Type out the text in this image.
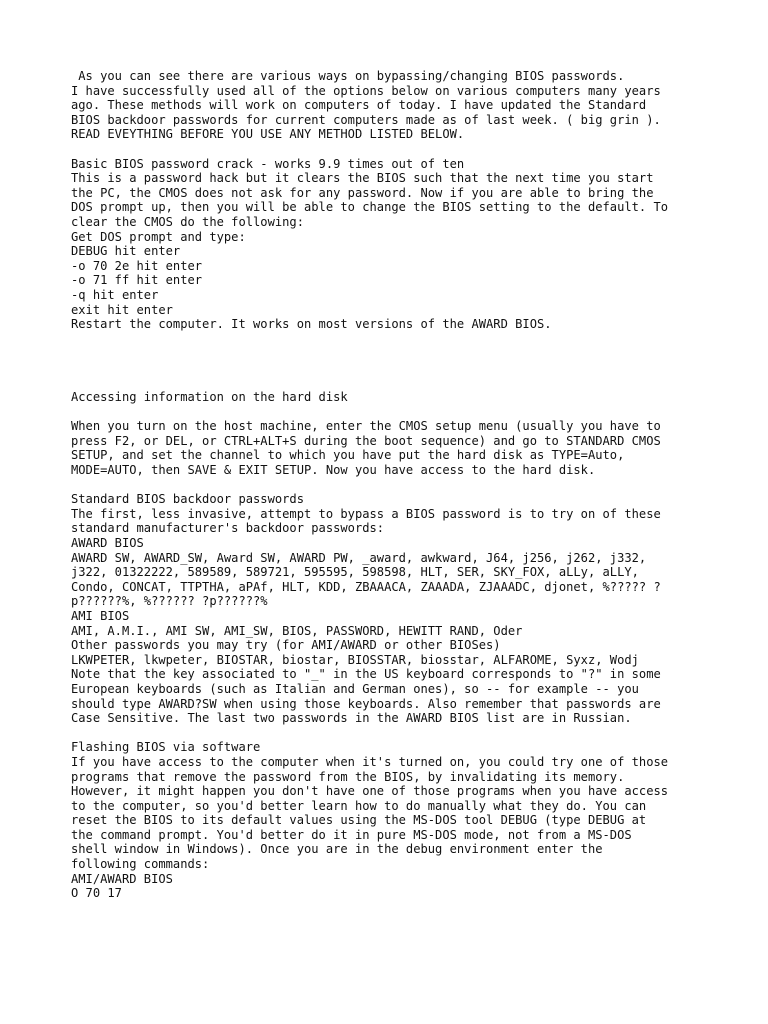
As you can see there are various ways on bypassing/changing BIOS passwords.
I have successfully used all of the options below on various computers many years
ago. These methods will work on computers of today. I have updated the Standard
BIOS backdoor passwords for current computers made as of last week. ( big grin ).
READ EVEYTHING BEFORE YOU USE ANY METHOD LISTED BELOW.
Basic BIOS password crack - works 9.9 times out of ten
This is a password hack but it clears the BIOS such that the next time you start
the PC, the CMOS does not ask for any password. Now if you are able to bring the
DOS prompt up, then you will be able to change the BIOS setting to the default. To
clear the CMOS do the following:
Get DOS prompt and type:
DEBUG hit enter
-o 70 2e hit enter
-o 71 ff hit enter
-q hit enter
exit hit enter
Restart the computer. It works on most versions of the AWARD BIOS.
Accessing information on the hard disk
When you turn on the host machine, enter the CMOS setup menu (usually you have to
press F2, or DEL, or CTRL+ALT+S during the boot sequence) and go to STANDARD CMOS
SETUP, and set the channel to which you have put the hard disk as TYPE=Auto,
MODE=AUTO, then SAVE & EXIT SETUP. Now you have access to the hard disk.
Standard BIOS backdoor passwords
The first, less invasive, attempt to bypass a BIOS password is to try on of these
standard manufacturer's backdoor passwords:
AWARD BIOS
AWARD SW, AWARD_SW, Award SW, AWARD PW, _award, awkward, J64, j256, j262, j332,
j322, 01322222, 589589, 589721, 595595, 598598, HLT, SER, SKY_FOX, aLLy, aLLY,
Condo, CONCAT, TTPTHA, aPAf, HLT, KDD, ZBAAACA, ZAAADA, ZJAAADC, djonet, %????? ?
p??????%, %?????? ?p??????%
AMI BIOS
AMI, A.M.I., AMI SW, AMI_SW, BIOS, PASSWORD, HEWITT RAND, Oder
Other passwords you may try (for AMI/AWARD or other BIOSes)
LKWPETER, lkwpeter, BIOSTAR, biostar, BIOSSTAR, biosstar, ALFAROME, Syxz, Wodj
Note that the key associated to "_" in the US keyboard corresponds to "?" in some
European keyboards (such as Italian and German ones), so -- for example -- you
should type AWARD?SW when using those keyboards. Also remember that passwords are
Case Sensitive. The last two passwords in the AWARD BIOS list are in Russian.
Flashing BIOS via software
If you have access to the computer when it's turned on, you could try one of those
programs that remove the password from the BIOS, by invalidating its memory.
However, it might happen you don't have one of those programs when you have access
to the computer, so you'd better learn how to do manually what they do. You can
reset the BIOS to its default values using the MS-DOS tool DEBUG (type DEBUG at
the command prompt. You'd better do it in pure MS-DOS mode, not from a MS-DOS
shell window in Windows). Once you are in the debug environment enter the
following commands:
AMI/AWARD BIOS
O 70 17
